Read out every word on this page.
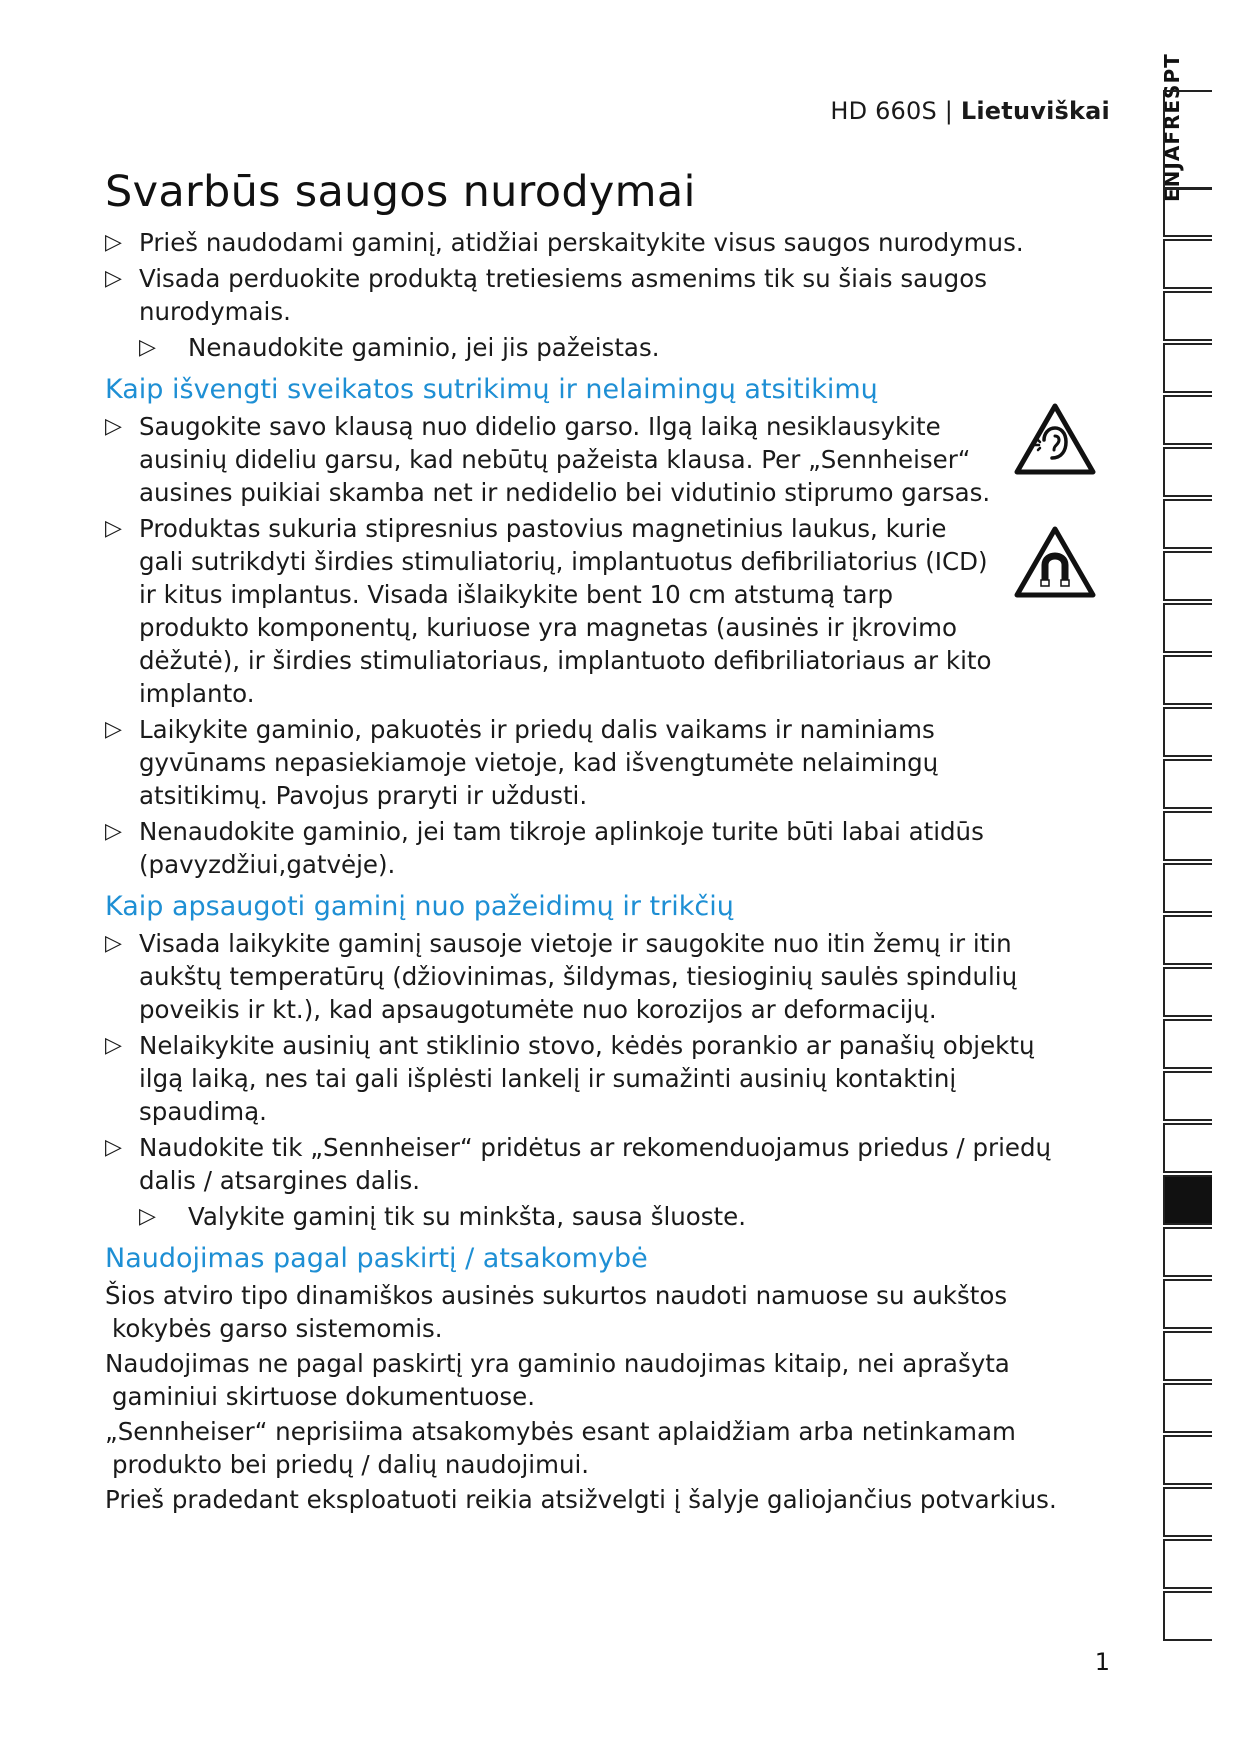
HD 660S | Lietuviškai
Svarbūs saugos nurodymai
▷ Prieš naudodami gaminį, atidžiai perskaitykite visus saugos nurodymus.
▷ Visada perduokite produktą tretiesiems asmenims tik su šiais saugos nurodymais.
▷ Nenaudokite gaminio, jei jis pažeistas.
Kaip išvengti sveikatos sutrikimų ir nelaimingų atsitikimų
▷ Saugokite savo klausą nuo didelio garso. Ilgą laiką nesiklausykite ausinių dideliu garsu, kad nebūtų pažeista klausa. Per „Sennheiser“ ausines puikiai skamba net ir nedidelio bei vidutinio stiprumo garsas.
▷ Produktas sukuria stipresnius pastovius magnetinius laukus, kurie gali sutrikdyti širdies stimuliatorių, implantuotus defibriliatorius (ICD) ir kitus implantus. Visada išlaikykite bent 10 cm atstumą tarp produkto komponentų, kuriuose yra magnetas (ausinės ir įkrovimo dėžutė), ir širdies stimuliatoriaus, implantuoto defibriliatoriaus ar kito implanto.
▷ Laikykite gaminio, pakuotės ir priedų dalis vaikams ir naminiams gyvūnams nepasiekiamoje vietoje, kad išvengtumėte nelaimingų atsitikimų. Pavojus praryti ir uždusti.
▷ Nenaudokite gaminio, jei tam tikroje aplinkoje turite būti labai atidūs (pavyzdžiui,gatvėje).
Kaip apsaugoti gaminį nuo pažeidimų ir trikčių
▷ Visada laikykite gaminį sausoje vietoje ir saugokite nuo itin žemų ir itin aukštų temperatūrų (džiovinimas, šildymas, tiesioginių saulės spindulių poveikis ir kt.), kad apsaugotumėte nuo korozijos ar deformacijų.
▷ Nelaikykite ausinių ant stiklinio stovo, kėdės porankio ar panašių objektų ilgą laiką, nes tai gali išplėsti lankelį ir sumažinti ausinių kontaktinį spaudimą.
▷ Naudokite tik „Sennheiser“ pridėtus ar rekomenduojamus priedus / priedų dalis / atsargines dalis.
▷ Valykite gaminį tik su minkšta, sausa šluoste.
Naudojimas pagal paskirtį / atsakomybė
Šios atviro tipo dinamiškos ausinės sukurtos naudoti namuose su aukštos
kokybės garso sistemomis.
Naudojimas ne pagal paskirtį yra gaminio naudojimas kitaip, nei aprašyta
gaminiui skirtuose dokumentuose.
„Sennheiser“ neprisiima atsakomybės esant aplaidžiam arba netinkamam
produkto bei priedų / dalių naudojimui.
Prieš pradedant eksploatuoti reikia atsižvelgti į šalyje galiojančius potvarkius.
ENJAFRESPT
1
